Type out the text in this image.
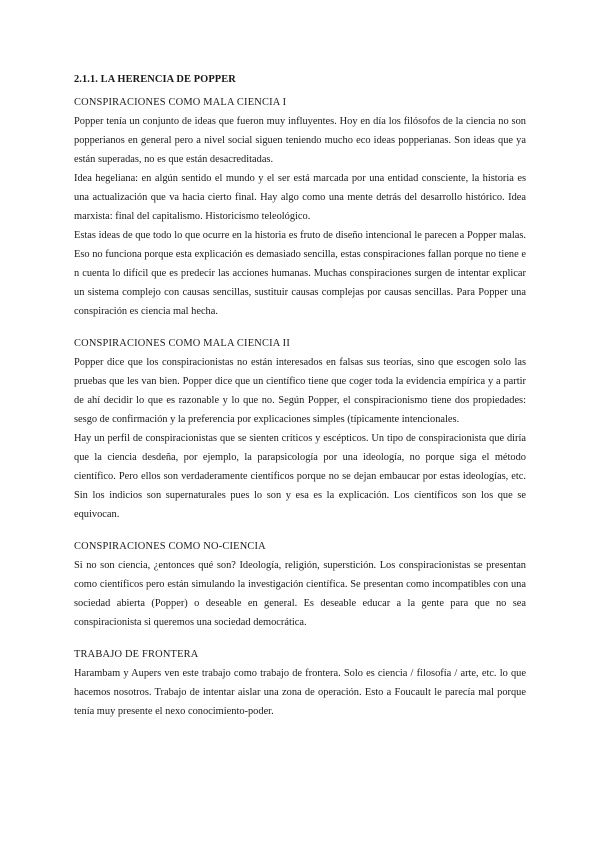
2.1.1. LA HERENCIA DE POPPER

CONSPIRACIONES COMO MALA CIENCIA I

Popper tenía un conjunto de ideas que fueron muy influyentes. Hoy en día los filósofos de la ciencia no son popperianos en general pero a nivel social siguen teniendo mucho eco ideas popperianas. Son ideas que ya están superadas, no es que están desacreditadas.

Idea hegeliana: en algún sentido el mundo y el ser está marcada por una entidad consciente, la historia es una actualización que va hacia cierto final. Hay algo como una mente detrás del desarrollo histórico. Idea marxista: final del capitalismo. Historicismo teleológico.

Estas ideas de que todo lo que ocurre en la historia es fruto de diseño intencional le parecen a Popper malas. Eso no funciona porque esta explicación es demasiado sencilla, estas conspiraciones fallan porque no tiene e n cuenta lo difícil que es predecir las acciones humanas. Muchas conspiraciones surgen de intentar explicar un sistema complejo con causas sencillas, sustituir causas complejas por causas sencillas. Para Popper una conspiración es ciencia mal hecha.

CONSPIRACIONES COMO MALA CIENCIA II

Popper dice que los conspiracionistas no están interesados en falsas sus teorías, sino que escogen solo las pruebas que les van bien. Popper dice que un científico tiene que coger toda la evidencia empírica y a partir de ahí decidir lo que es razonable y lo que no. Según Popper, el conspiracionismo tiene dos propiedades: sesgo de confirmación y la preferencia por explicaciones simples (típicamente intencionales.

Hay un perfil de conspiracionistas que se sienten críticos y escépticos. Un tipo de conspiracionista que diría que la ciencia desdeña, por ejemplo, la parapsicología por una ideología, no porque siga el método científico. Pero ellos son verdaderamente científicos porque no se dejan embaucar por estas ideologías, etc. Sin los indicios son supernaturales pues lo son y esa es la explicación. Los científicos son los que se equivocan.

CONSPIRACIONES COMO NO-CIENCIA

Si no son ciencia, ¿entonces qué son? Ideología, religión, superstición. Los conspiracionistas se presentan como científicos pero están simulando la investigación científica. Se presentan como incompatibles con una sociedad abierta (Popper) o deseable en general. Es deseable educar a la gente para que no sea conspiracionista si queremos una sociedad democrática.

TRABAJO DE FRONTERA

Harambam y Aupers ven este trabajo como trabajo de frontera. Solo es ciencia / filosofía / arte, etc. lo que hacemos nosotros. Trabajo de intentar aislar una zona de operación. Esto a Foucault le parecía mal porque tenía muy presente el nexo conocimiento-poder.
